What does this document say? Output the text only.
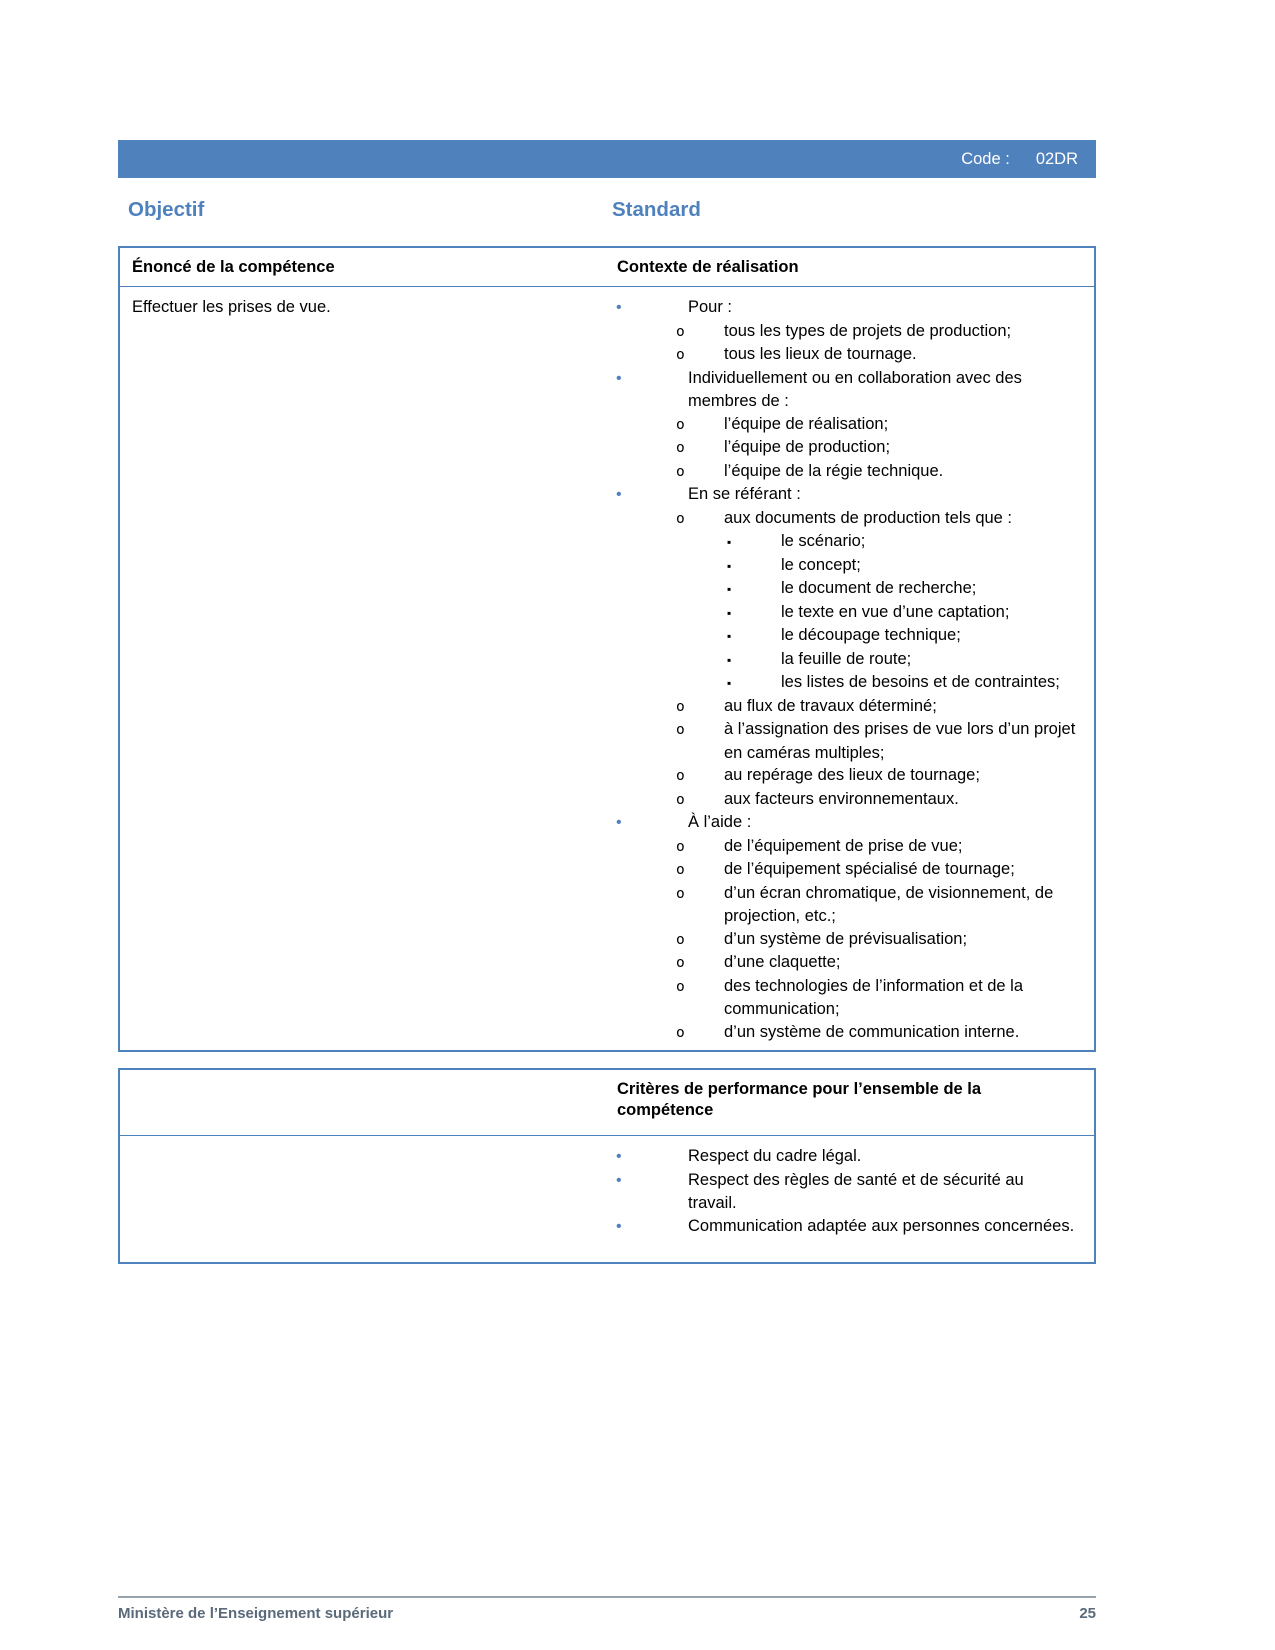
Code : 02DR
Objectif	Standard
Énoncé de la compétence	Contexte de réalisation
Effectuer les prises de vue.	•	Pour :
o tous les types de projets de production;
o tous les lieux de tournage.
•	Individuellement ou en collaboration avec des membres de :
o l’équipe de réalisation;
o l’équipe de production;
o l’équipe de la régie technique.
•	En se référant :
o aux documents de production tels que :
▪	le scénario;
▪	le concept;
▪	le document de recherche;
▪	le texte en vue d’une captation;
▪	le découpage technique;
▪	la feuille de route;
▪	les listes de besoins et de contraintes;
o au flux de travaux déterminé;
o à l’assignation des prises de vue lors d’un projet en caméras multiples;
o au repérage des lieux de tournage;
o aux facteurs environnementaux.
•	À l’aide :
o de l’équipement de prise de vue;
o de l’équipement spécialisé de tournage;
o d’un écran chromatique, de visionnement, de projection, etc.;
o d’un système de prévisualisation;
o d’une claquette;
o des technologies de l’information et de la communication;
o d’un système de communication interne.
Critères de performance pour l’ensemble de la compétence
•	Respect du cadre légal.
•	Respect des règles de santé et de sécurité au travail.
•	Communication adaptée aux personnes concernées.
Ministère de l’Enseignement supérieur	25
